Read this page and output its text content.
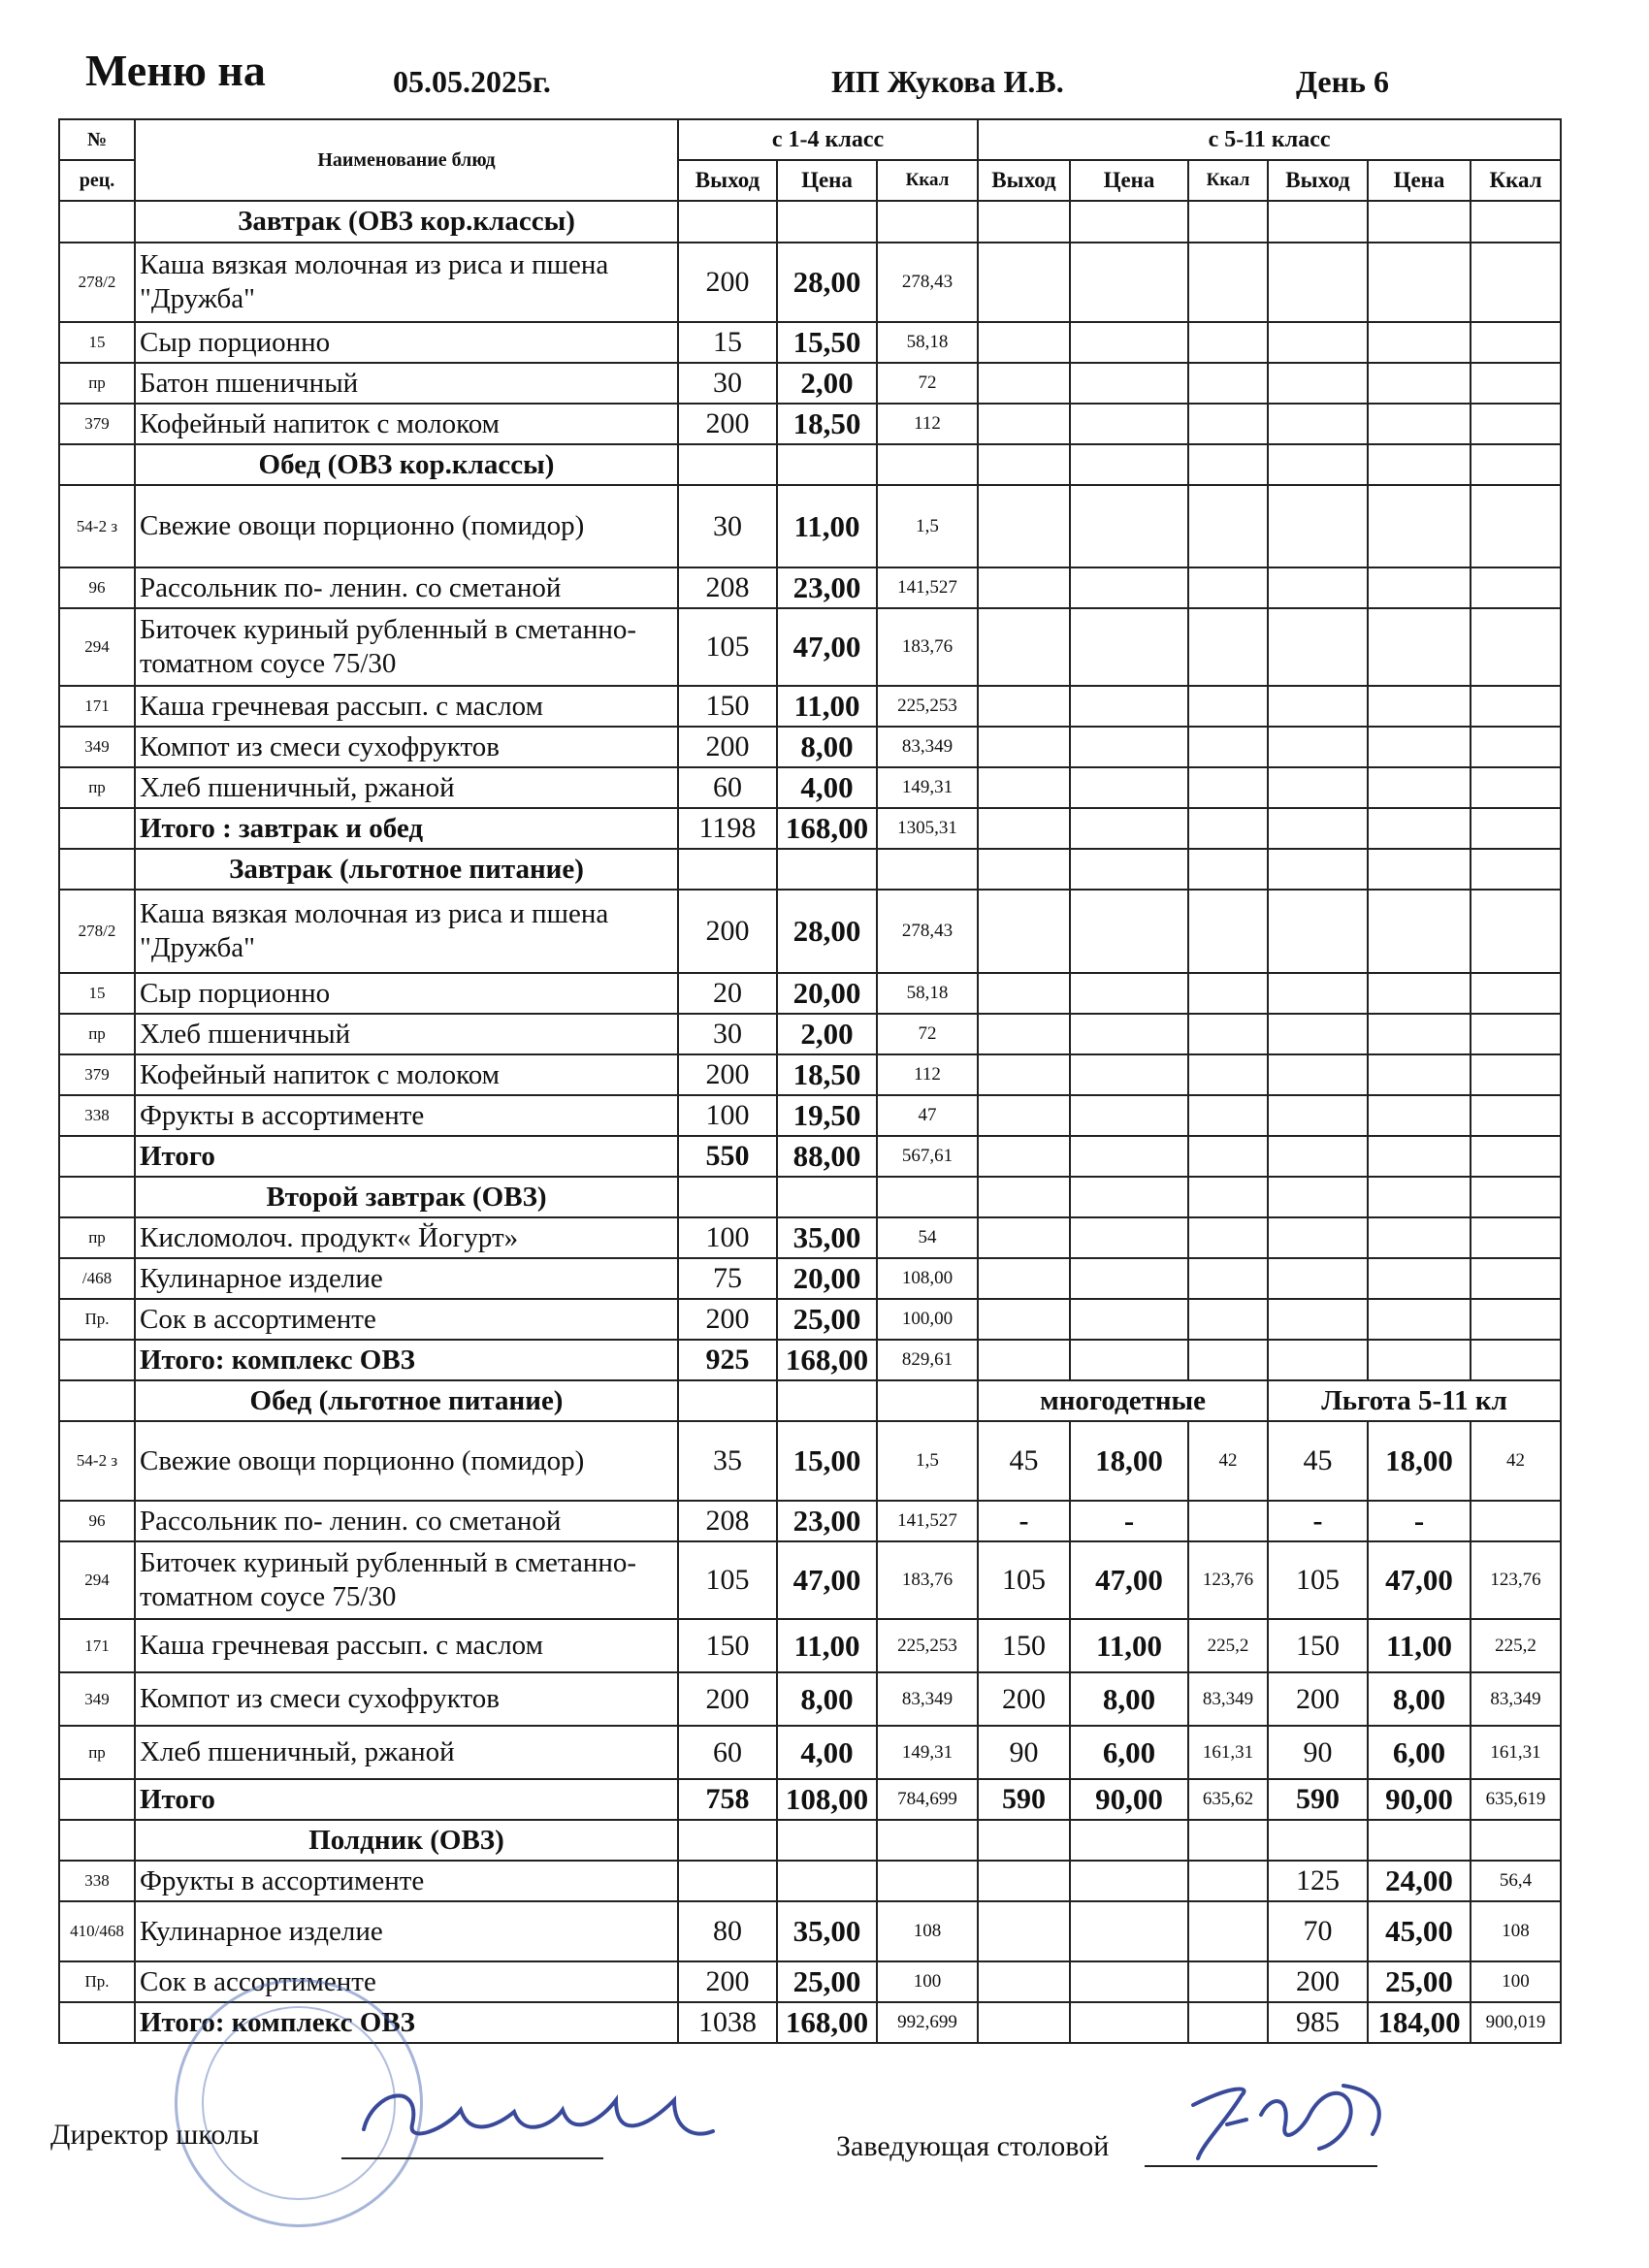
Меню на	05.05.2025г.	ИП Жукова И.В.	День 6
№	Наименование блюд	с 1-4 класс			с 5-11 класс					
рец.		Выход	Цена	Ккал	Выход	Цена	Ккал	Выход	Цена	Ккал
	Завтрак (ОВЗ кор.классы)									
278/2	Каша вязкая молочная из риса и пшена "Дружба"	200	28,00	278,43						
15	Сыр порционно	15	15,50	58,18						
пр	Батон пшеничный	30	2,00	72						
379	Кофейный напиток с молоком	200	18,50	112						
	Обед (ОВЗ кор.классы)									
54-2 з	Свежие овощи порционно (помидор)	30	11,00	1,5						
96	Рассольник по- ленин. со сметаной	208	23,00	141,527						
294	Биточек куриный рубленный в сметанно-томатном соусе 75/30	105	47,00	183,76						
171	Каша гречневая рассып. с маслом	150	11,00	225,253						
349	Компот из смеси сухофруктов	200	8,00	83,349						
пр	Хлеб пшеничный, ржаной	60	4,00	149,31						
	Итого : завтрак и обед	1198	168,00	1305,31						
	Завтрак (льготное питание)									
278/2	Каша вязкая молочная из риса и пшена "Дружба"	200	28,00	278,43						
15	Сыр порционно	20	20,00	58,18						
пр	Хлеб пшеничный	30	2,00	72						
379	Кофейный напиток с молоком	200	18,50	112						
338	Фрукты в ассортименте	100	19,50	47						
	Итого	550	88,00	567,61						
	Второй завтрак (ОВЗ)									
пр	Кисломолоч. продукт« Йогурт»	100	35,00	54						
/468	Кулинарное изделие	75	20,00	108,00						
Пр.	Сок в ассортименте	200	25,00	100,00						
	Итого: комплекс ОВЗ	925	168,00	829,61						
	Обед (льготное питание)				многодетные			Льгота 5-11 кл		
54-2 з	Свежие овощи порционно (помидор)	35	15,00	1,5	45	18,00	42	45	18,00	42
96	Рассольник по- ленин. со сметаной	208	23,00	141,527	-	-		-	-	
294	Биточек куриный рубленный в сметанно-томатном соусе 75/30	105	47,00	183,76	105	47,00	123,76	105	47,00	123,76
171	Каша гречневая рассып. с маслом	150	11,00	225,253	150	11,00	225,2	150	11,00	225,2
349	Компот из смеси сухофруктов	200	8,00	83,349	200	8,00	83,349	200	8,00	83,349
пр	Хлеб пшеничный, ржаной	60	4,00	149,31	90	6,00	161,31	90	6,00	161,31
	Итого	758	108,00	784,699	590	90,00	635,62	590	90,00	635,619
	Полдник (ОВЗ)									
338	Фрукты в ассортименте							125	24,00	56,4
410/468	Кулинарное изделие	80	35,00	108				70	45,00	108
Пр.	Сок в ассортименте	200	25,00	100				200	25,00	100
	Итого: комплекс ОВЗ	1038	168,00	992,699				985	184,00	900,019
Директор школы	Заведующая столовой
